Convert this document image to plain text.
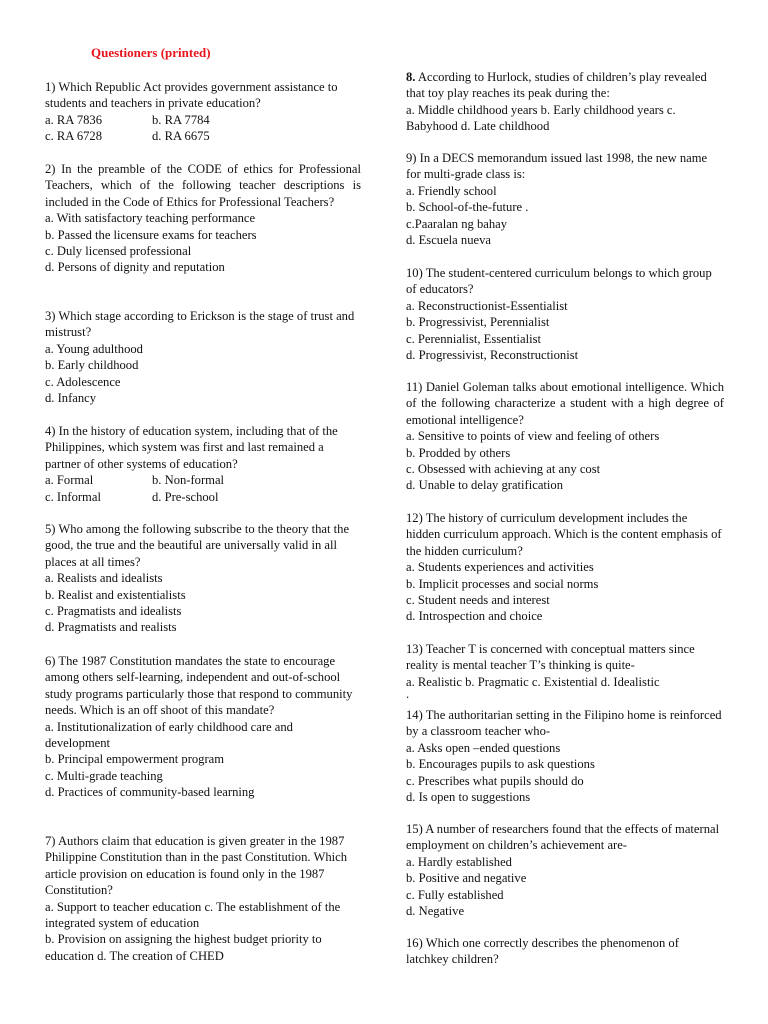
Questioners (printed)

1) Which Republic Act provides government assistance to students and teachers in private education?

a. RA 7836	b. RA 7784
c. RA 6728	d. RA 6675

2) In the preamble of the CODE of ethics for Professional Teachers, which of the following teacher descriptions is included in the Code of Ethics for Professional Teachers?

a. With satisfactory teaching performance

b. Passed the licensure exams for teachers

c. Duly licensed professional

d. Persons of dignity and reputation

3) Which stage according to Erickson is the stage of trust and mistrust?

a. Young adulthood

b. Early childhood

c. Adolescence

d. Infancy

4) In the history of education system, including that of the Philippines, which system was first and last remained a partner of other systems of education?

a. Formal	b. Non-formal
c. Informal	d. Pre-school

5) Who among the following subscribe to the theory that the good, the true and the beautiful are universally valid in all places at all times?

a. Realists and idealists

b. Realist and existentialists

c. Pragmatists and idealists

d. Pragmatists and realists

6) The 1987 Constitution mandates the state to encourage among others self-learning, independent and out-of-school study programs particularly those that respond to community needs. Which is an off shoot of this mandate?

a. Institutionalization of early childhood care and development

b. Principal empowerment program

c. Multi-grade teaching

d. Practices of community-based learning

7) Authors claim that education is given greater in the 1987 Philippine Constitution than in the past Constitution. Which article provision on education is found only in the 1987 Constitution?

a. Support to teacher education c. The establishment of the integrated system of education

b. Provision on assigning the highest budget priority to education d. The creation of CHED

8. According to Hurlock, studies of children’s play revealed that toy play reaches its peak during the:

a. Middle childhood years b. Early childhood years c. Babyhood d. Late childhood

9) In a DECS memorandum issued last 1998, the new name for multi-grade class is:

a. Friendly school

b. School-of-the-future .

c.Paaralan ng bahay

d. Escuela nueva

10) The student-centered curriculum belongs to which group of educators?

a. Reconstructionist-Essentialist

b. Progressivist, Perennialist

c. Perennialist, Essentialist

d. Progressivist, Reconstructionist

11) Daniel Goleman talks about emotional intelligence. Which of the following characterize a student with a high degree of emotional intelligence?

a. Sensitive to points of view and feeling of others

b. Prodded by others

c. Obsessed with achieving at any cost

d. Unable to delay gratification

12) The history of curriculum development includes the hidden curriculum approach. Which is the content emphasis of the hidden curriculum?

a. Students experiences and activities

b. Implicit processes and social norms

c. Student needs and interest

d. Introspection and choice

13) Teacher T is concerned with conceptual matters since reality is mental teacher T’s thinking is quite-

a. Realistic b. Pragmatic c. Existential d. Idealistic

.

14) The authoritarian setting in the Filipino home is reinforced by a classroom teacher who-

a. Asks open –ended questions

b. Encourages pupils to ask questions

c. Prescribes what pupils should do

d. Is open to suggestions

15) A number of researchers found that the effects of maternal employment on children’s achievement are-

a. Hardly established

b. Positive and negative

c. Fully established

d. Negative

16) Which one correctly describes the phenomenon of latchkey children?
